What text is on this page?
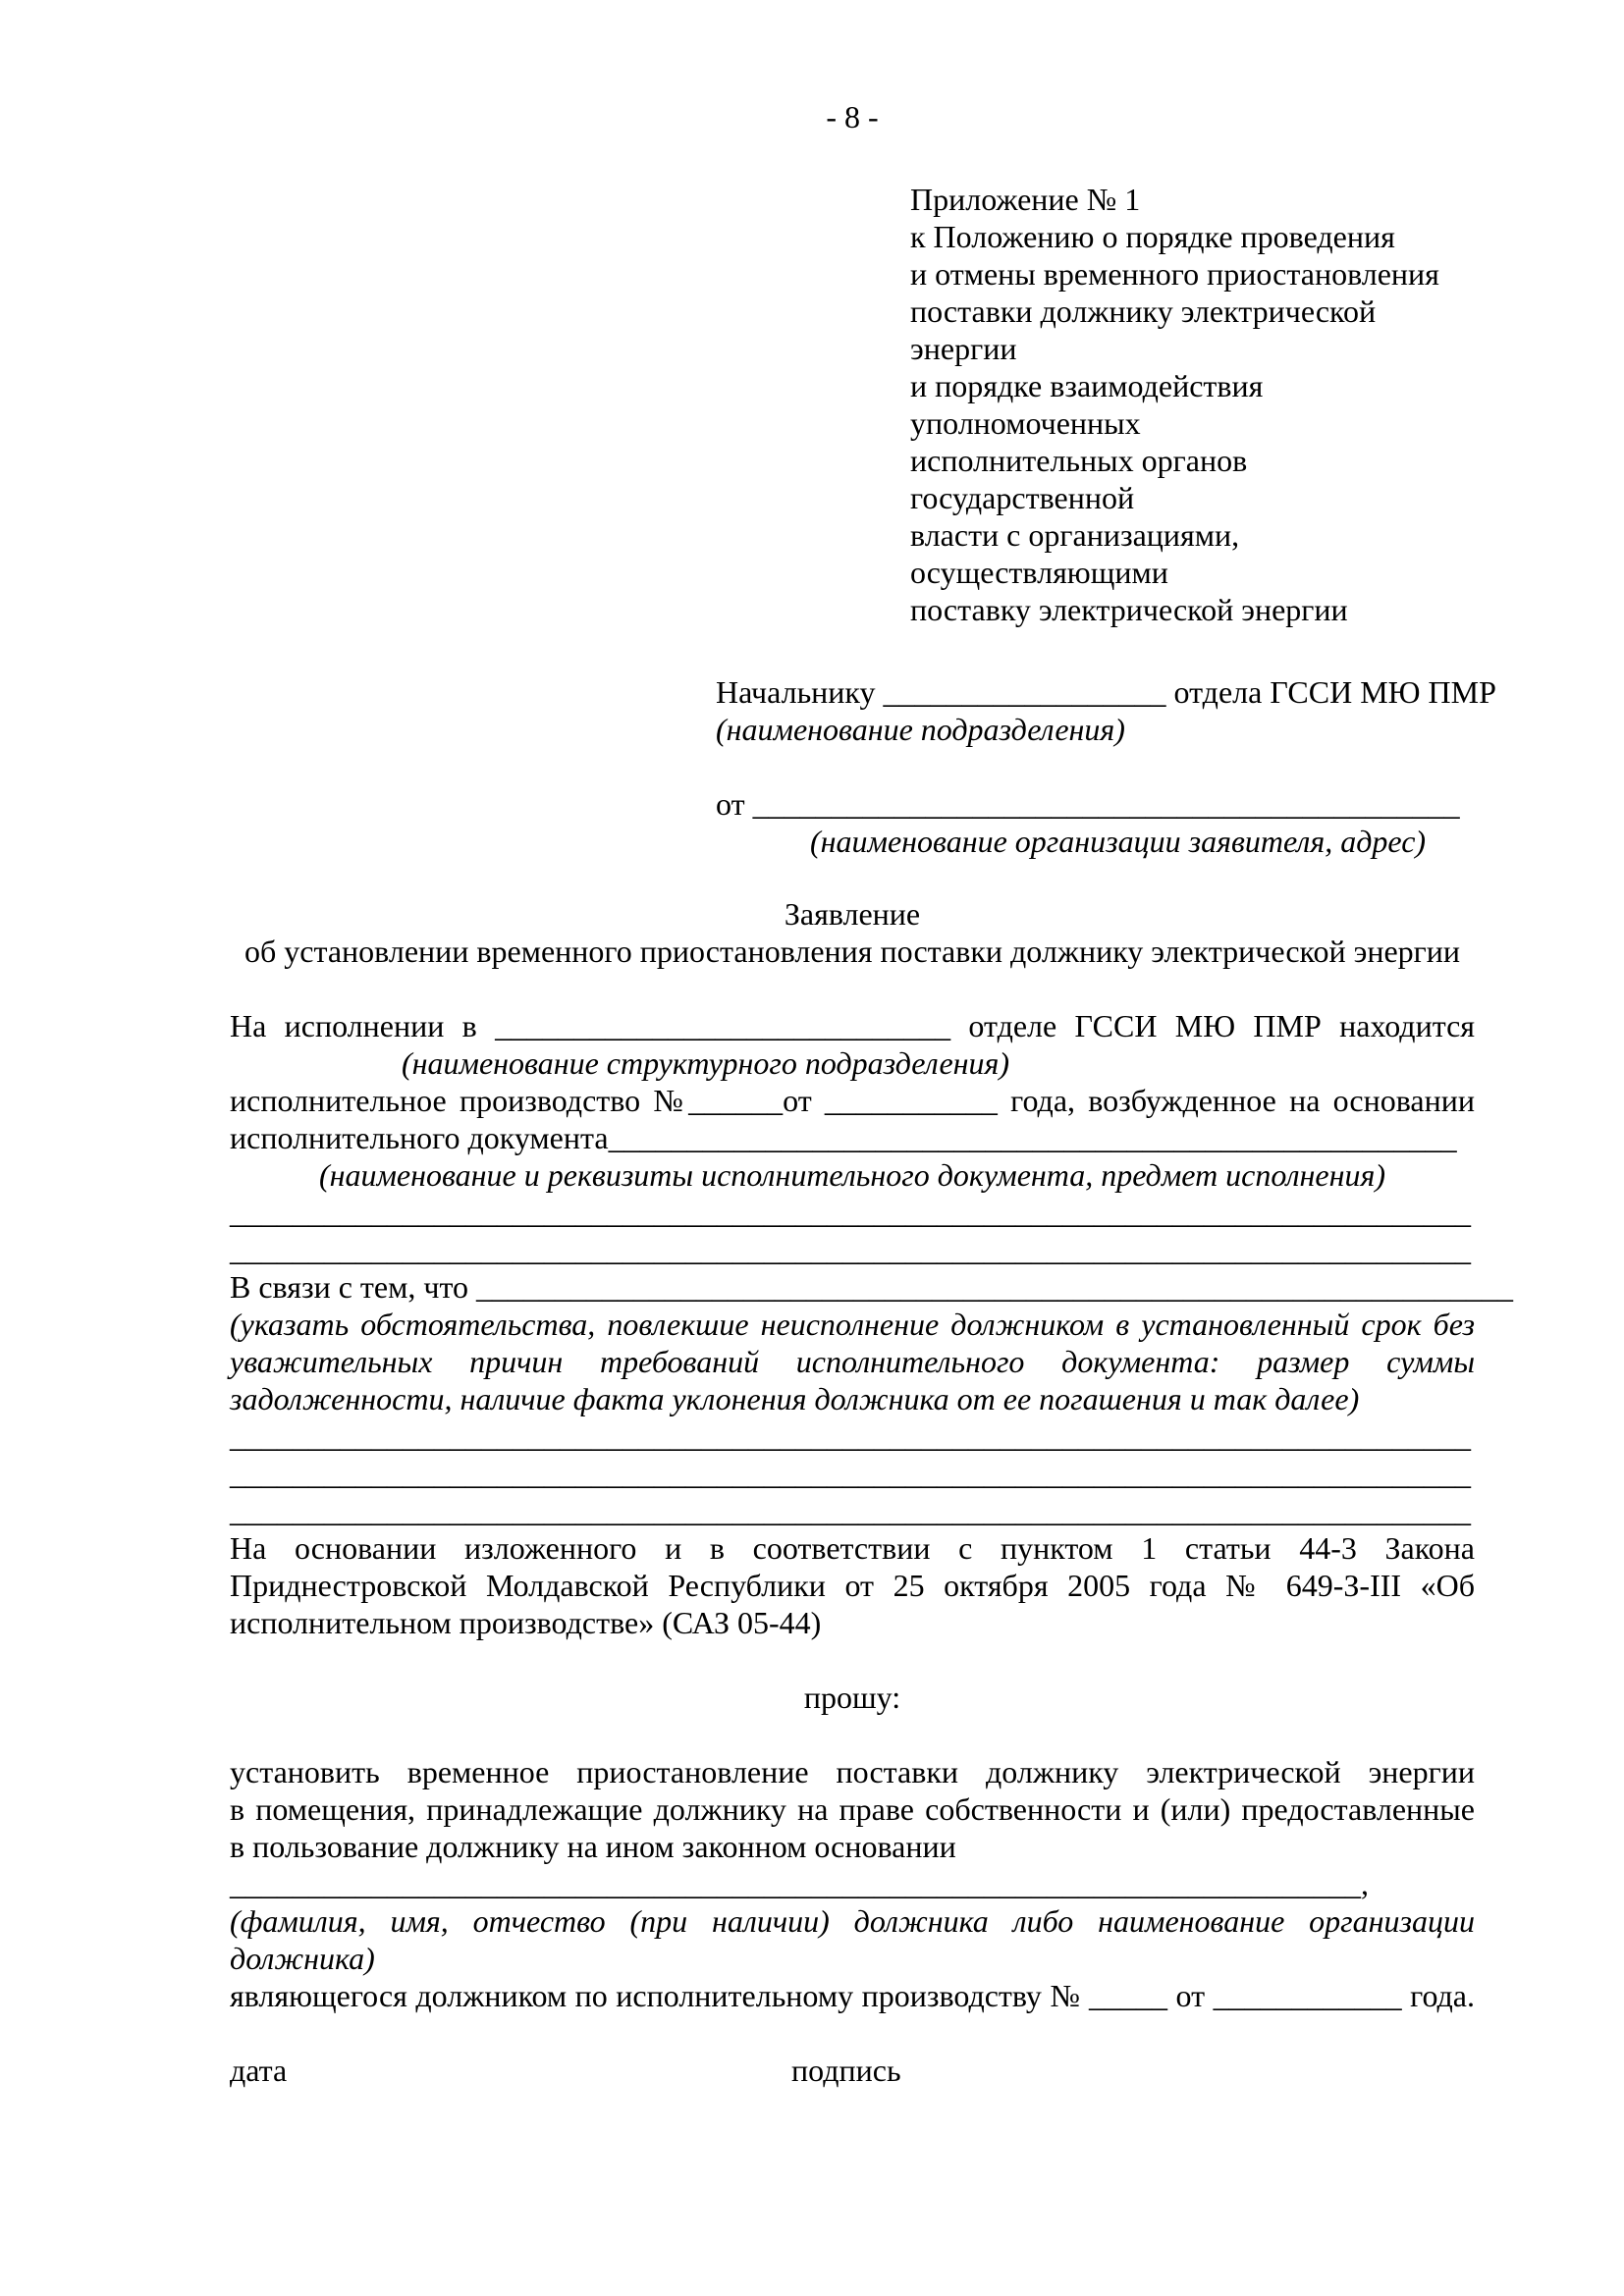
- 8 -
Приложение № 1
к Положению о порядке проведения
и отмены временного приостановления
поставки должнику электрической энергии
и порядке взаимодействия уполномоченных
исполнительных органов государственной
власти с организациями, осуществляющими
поставку электрической энергии
Начальнику __________________ отдела ГССИ МЮ ПМР
(наименование подразделения)
от _____________________________________________
(наименование организации заявителя, адрес)
Заявление
об установлении временного приостановления поставки должнику электрической энергии
На исполнении в _____________________________ отделе ГССИ МЮ ПМР находится
(наименование структурного подразделения)
исполнительное производство №______от ___________ года, возбужденное на основании
исполнительного документа______________________________________________________
(наименование и реквизиты исполнительного документа, предмет исполнения)
_______________________________________________________________________________
_______________________________________________________________________________
В связи с тем, что __________________________________________________________________
(указать обстоятельства, повлекшие неисполнение должником в установленный срок без
уважительных причин требований исполнительного документа: размер суммы
задолженности, наличие факта уклонения должника от ее погашения и так далее)
_______________________________________________________________________________
_______________________________________________________________________________
_______________________________________________________________________________
На основании изложенного и в соответствии с пунктом 1 статьи 44-3 Закона
Приднестровской Молдавской Республики от 25 октября 2005 года № 649-З-III «Об
исполнительном производстве» (САЗ 05-44)
прошу:
установить временное приостановление поставки должнику электрической энергии
в помещения, принадлежащие должнику на праве собственности и (или) предоставленные
в пользование должнику на ином законном основании
________________________________________________________________________,
(фамилия, имя, отчество (при наличии) должника либо наименование организации
должника)
являющегося должником по исполнительному производству № _____ от ____________ года.
дата	подпись
